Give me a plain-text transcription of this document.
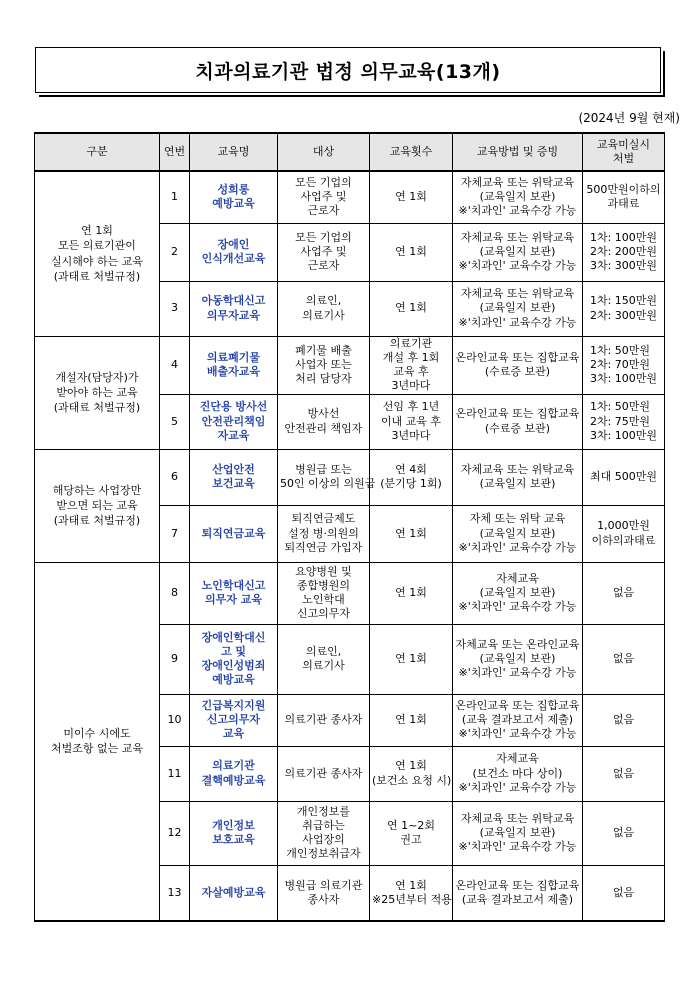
치과의료기관 법정 의무교육(13개)
(2024년 9월 현재)
구분	연번	교육명	대상	교육횟수	교육방법 및 증빙	교육미실시
처벌

연 1회
모든 의료기관이
실시해야 하는 교육
(과태료 처벌규정)	1	성희롱
예방교육	모든 기업의
사업주 및
근로자	연 1회	자체교육 또는 위탁교육
(교육일지 보관)
※'치과인' 교육수강 가능	500만원이하의과태료
	2	장애인
인식개선교육	모든 기업의
사업주 및
근로자	연 1회	자체교육 또는 위탁교육
(교육일지 보관)
※'치과인' 교육수강 가능	1차: 100만원
2차: 200만원
3차: 300만원

	3	아동학대신고
의무자교육	의료인,
의료기사	연 1회	자체교육 또는 위탁교육
(교육일지 보관)
※'치과인' 교육수강 가능	1차: 150만원
2차: 300만원

개설자(담당자)가
받아야 하는 교육
(과태료 처벌규정)	4	의료폐기물
배출자교육	폐기물 배출
사업자 또는
처리 담당자	의료기관
개설 후 1회
교육 후
3년마다	온라인교육 또는 집합교육
(수료증 보관)	1차: 50만원
2차: 70만원
3차: 100만원

	5	진단용 방사선
안전관리책임
자교육	방사선
안전관리 책임자	선임 후 1년
이내 교육 후
3년마다	온라인교육 또는 집합교육
(수료증 보관)	1차: 50만원
2차: 75만원
3차: 100만원

해당하는 사업장만
받으면 되는 교육
(과태료 처벌규정)	6	산업안전
보건교육	병원급 또는
50인 이상의 의원급	연 4회
(분기당 1회)	자체교육 또는 위탁교육
(교육일지 보관)	최대 500만원
	7	퇴직연금교육	퇴직연금제도
설정 병·의원의
퇴직연금 가입자	연 1회	자체 또는 위탁 교육
(교육일지 보관)
※'치과인' 교육수강 가능	1,000만원이하의과태료

미이수 시에도
처벌조항 없는 교육	8	노인학대신고
의무자 교육	요양병원 및
종합병원의
노인학대
신고의무자	연 1회	자체교육
(교육일지 보관)
※'치과인' 교육수강 가능	없음
	9	장애인학대신
고 및
장애인성범죄
예방교육	의료인,
의료기사	연 1회	자체교육 또는 온라인교육
(교육일지 보관)
※'치과인' 교육수강 가능	없음
	10	긴급복지지원
신고의무자
교육	의료기관 종사자	연 1회	온라인교육 또는 집합교육
(교육 결과보고서 제출)
※'치과인' 교육수강 가능	없음
	11	의료기관
결핵예방교육	의료기관 종사자	연 1회
(보건소 요청 시)	자체교육
(보건소 마다 상이)
※'치과인' 교육수강 가능	없음
	12	개인정보
보호교육	개인정보를
취급하는
사업장의
개인정보취급자	연 1~2회
권고	자체교육 또는 위탁교육
(교육일지 보관)
※'치과인' 교육수강 가능	없음
	13	자살예방교육	병원급 의료기관
종사자	연 1회
※25년부터 적용	온라인교육 또는 집합교육
(교육 결과보고서 제출)	없음
